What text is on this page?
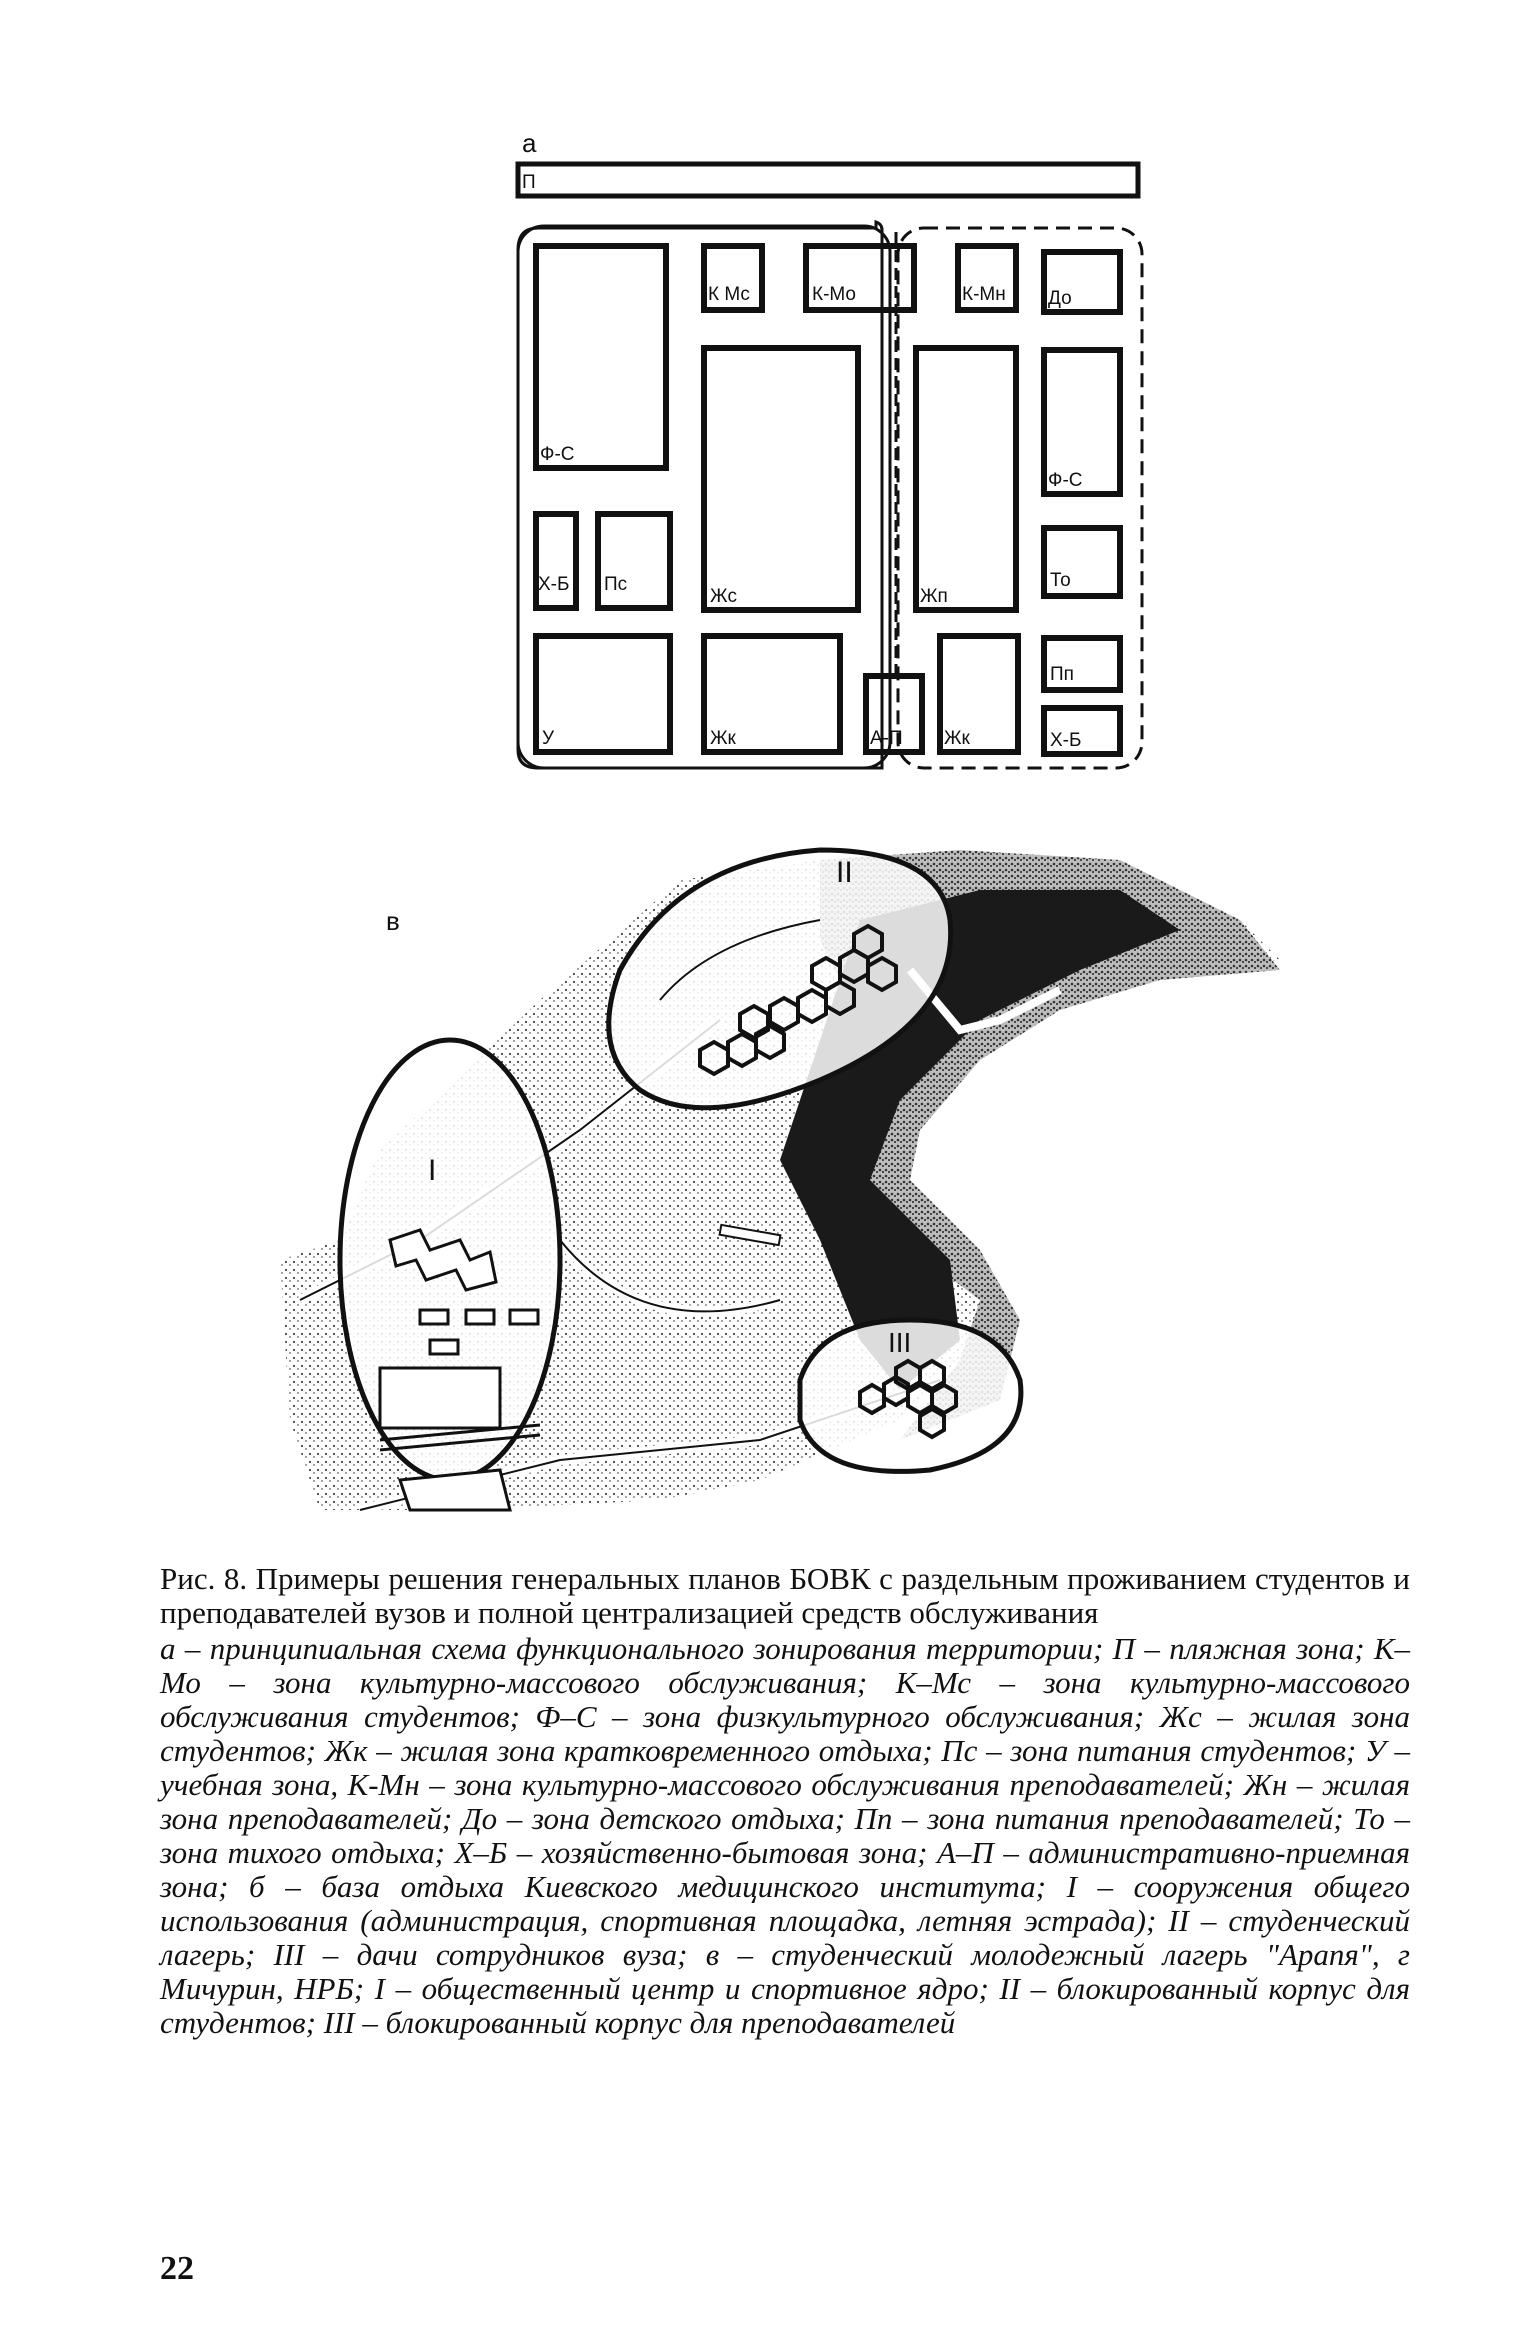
а
П
Ф-С
К Мс	К-Мо	К-Мн До
Жс	Жп
Ф-С
Х-Б Пс	То
У	Жк	А-П Жк
Пп
Х-Б
в
I
II
III
Рис. 8. Примеры решения генеральных планов БОВК с раздельным проживанием студентов и преподавателей вузов и полной централизацией средств обслуживания
а – принципиальная схема функционального зонирования территории; П – пляжная зона; К–Мо – зона культурно-массового обслуживания; К–Мс – зона культурно-массового обслуживания студентов; Ф–С – зона физкультурного обслуживания; Жс – жилая зона студентов; Жк – жилая зона кратковременного отдыха; Пс – зона питания студентов; У – учебная зона, К-Мн – зона культурно-массового обслуживания преподавателей; Жн – жилая зона преподавателей; До – зона детского отдыха; Пп – зона питания преподавателей; То – зона тихого отдыха; Х–Б – хозяйственно-бытовая зона; А–П – административно-приемная зона; б – база отдыха Киевского медицинского института; I – сооружения общего использования (администрация, спортивная площадка, летняя эстрада); II – студенческий лагерь; III – дачи сотрудников вуза; в – студенческий молодежный лагерь "Арапя", г Мичурин, НРБ; I – общественный центр и спортивное ядро; II – блокированный корпус для студентов; III – блокированный корпус для преподавателей
22
